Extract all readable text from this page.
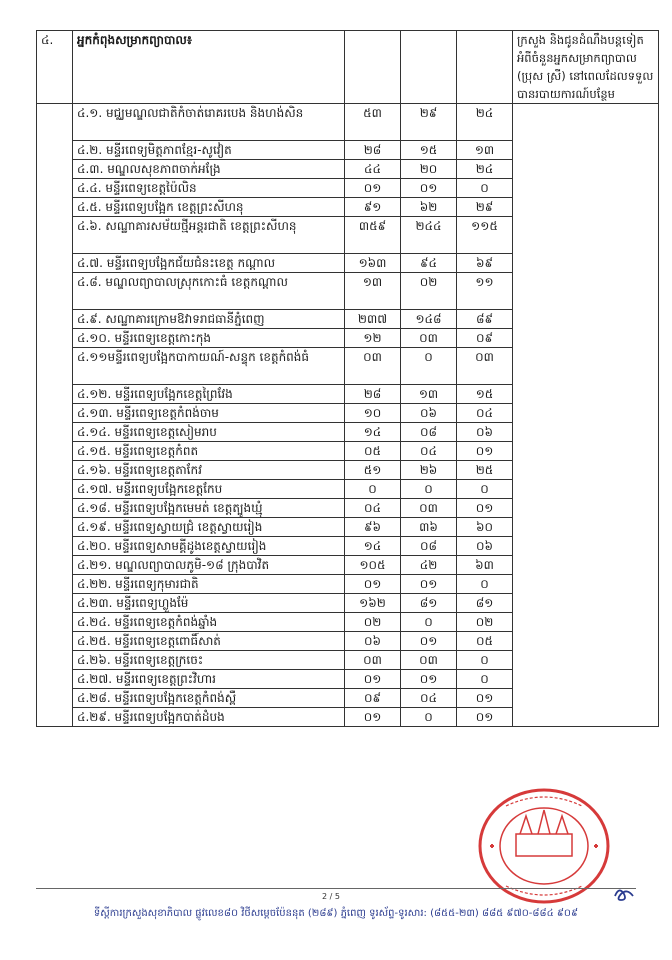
៤.	អ្នកកំពុងសម្រាកព្យាបាល៖				ក្រសួង និងជូនដំណឹងបន្តទៀតអំពីចំនួនអ្នកសម្រាកព្យាបាល (ប្រុស ស្រី) នៅពេលដែលទទួលបានរបាយការណ៍បន្ថែម
	៤.១. មជ្ឈមណ្ឌលជាតិកំចាត់រោគរបេង និងហង់សិន	៥៣	២៩	២៤	
	៤.២. មន្ទីរពេទ្យមិត្តភាពខ្មែរ-សូវៀត	២៨	១៥	១៣	
	៤.៣. មណ្ឌលសុខភាពចាក់អង្រែ	៤៤	២០	២៤	
	៤.៤. មន្ទីរពេទ្យខេត្តប៉ៃលិន	០១	០១	០	
	៤.៥. មន្ទីរពេទ្យបង្អែក ខេត្តព្រះសីហនុ	៩១	៦២	២៩	
	៤.៦. សណ្ឋាគារសម័យថ្មីអន្តរជាតិ ខេត្តព្រះសីហនុ	៣៥៩	២៤៤	១១៥	
	៤.៧. មន្ទីរពេទ្យបង្អែកជ័យជំនះខេត្ត កណ្តាល	១៦៣	៩៤	៦៩	
	៤.៨. មណ្ឌលព្យាបាលស្រុកកោះធំ ខេត្តកណ្តាល	១៣	០២	១១	
	៤.៩. សណ្ឋាគារក្រោមឱវាទរាជធានីភ្នំពេញ	២៣៧	១៤៨	៨៩	
	៤.១០. មន្ទីរពេទ្យខេត្តកោះកុង	១២	០៣	០៩	
	៤.១១មន្ទីរពេទ្យបង្អែកបាកាយណ៍-សន្ទុក ខេត្តកំពង់ធំ	០៣	០	០៣	
	៤.១២. មន្ទីរពេទ្យបង្អែកខេត្តព្រៃវែង	២៨	១៣	១៥	
	៤.១៣. មន្ទីរពេទ្យខេត្តកំពង់ចាម	១០	០៦	០៤	
	៤.១៤. មន្ទីរពេទ្យខេត្តសៀមរាប	១៤	០៨	០៦	
	៤.១៥. មន្ទីរពេទ្យខេត្តកំពត	០៥	០៤	០១	
	៤.១៦. មន្ទីរពេទ្យខេត្តតាកែវ	៥១	២៦	២៥	
	៤.១៧. មន្ទីរពេទ្យបង្អែកខេត្តកែប	០	០	០	
	៤.១៨. មន្ទីរពេទ្យបង្អែកមេមត់ ខេត្តត្បូងឃ្មុំ	០៤	០៣	០១	
	៤.១៩. មន្ទីរពេទ្យស្វាយជ្រំ ខេត្តស្វាយរៀង	៩៦	៣៦	៦០	
	៤.២០. មន្ទីរពេទ្យសាមគ្គីដូងខេត្តស្វាយរៀង	១៤	០៨	០៦	
	៤.២១. មណ្ឌលព្យាបាលភូមិ-១៨ ក្រុងបាវិត	១០៥	៤២	៦៣	
	៤.២២. មន្ទីរពេទ្យកុមារជាតិ	០១	០១	០	
	៤.២៣. មន្ទីរពេទ្យហ្លួងម៉ែ	១៦២	៨១	៨១	
	៤.២៤. មន្ទីរពេទ្យខេត្តកំពង់ឆ្នាំង	០២	០	០២	
	៤.២៥. មន្ទីរពេទ្យខេត្តពោធិ៍សាត់	០៦	០១	០៥	
	៤.២៦. មន្ទីរពេទ្យខេត្តក្រចេះ	០៣	០៣	០	
	៤.២៧. មន្ទីរពេទ្យខេត្តព្រះវិហារ	០១	០១	០	
	៤.២៨. មន្ទីរពេទ្យបង្អែកខេត្តកំពង់ស្ពឺ	០៩	០៤	០១	
	៤.២៩. មន្ទីរពេទ្យបង្អែកបាត់ដំបង	០១	០	០១	
2 / 5
ទីស្តីការក្រសួងសុខាភិបាល ផ្លូវលេខ៨០ វិថីសម្ដេចប៉ែននុត (២៨៩) ភ្នំពេញ ទូរស័ព្ទ-ទូរសារ: (៨៥៥-២៣) ៨៨៥ ៩៧០-៨៨៤ ៩០៩
